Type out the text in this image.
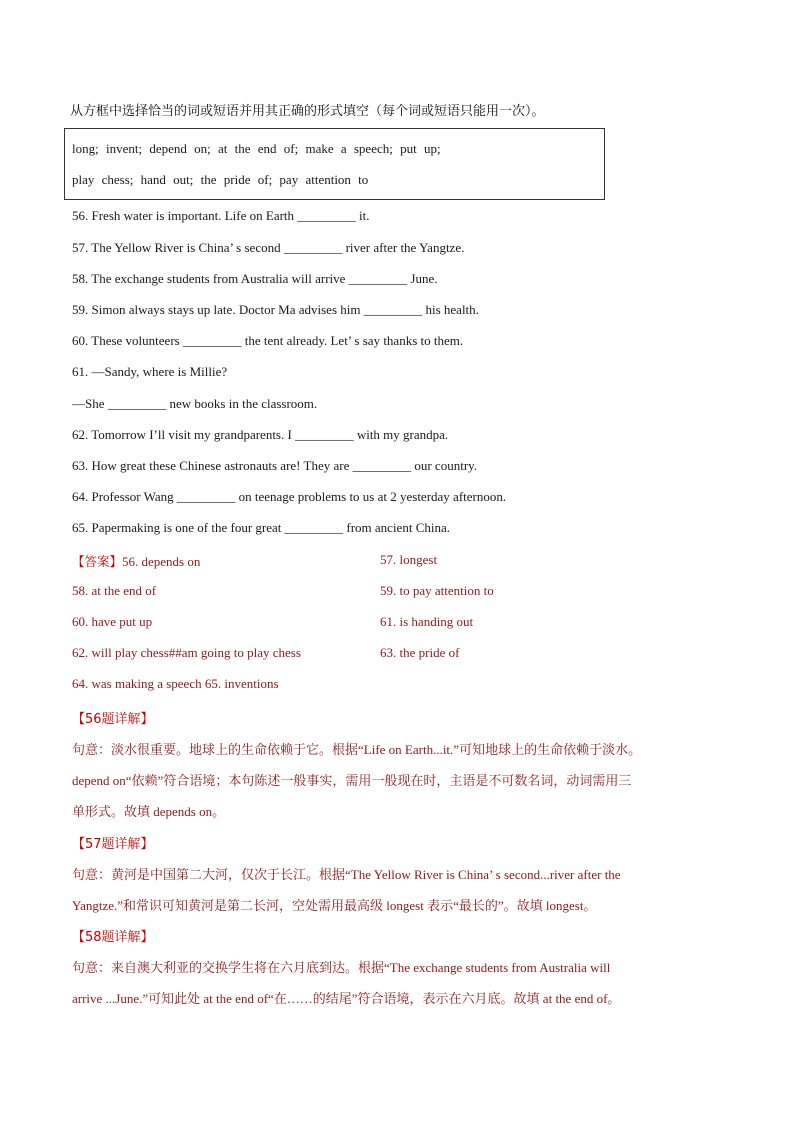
从方框中选择恰当的词或短语并用其正确的形式填空（每个词或短语只能用一次）。
long; invent; depend on; at the end of; make a speech; put up;
play chess; hand out; the pride of; pay attention to
56. Fresh water is important. Life on Earth _________ it.
57. The Yellow River is China’ s second _________ river after the Yangtze.
58. The exchange students from Australia will arrive _________ June.
59. Simon always stays up late. Doctor Ma advises him _________ his health.
60. These volunteers _________ the tent already. Let’ s say thanks to them.
61. —Sandy, where is Millie?
—She _________ new books in the classroom.
62. Tomorrow I’ll visit my grandparents. I _________ with my grandpa.
63. How great these Chinese astronauts are! They are _________ our country.
64. Professor Wang _________ on teenage problems to us at 2 yesterday afternoon.
65. Papermaking is one of the four great _________ from ancient China.
【答案】56. depends on	57. longest
58. at the end of	59. to pay attention to
60. have put up	61. is handing out
62. will play chess##am going to play chess	63. the pride of
64. was making a speech 65. inventions
【56题详解】
句意：淡水很重要。地球上的生命依赖于它。根据“Life on Earth...it.”可知地球上的生命依赖于淡水。
depend on“依赖”符合语境；本句陈述一般事实，需用一般现在时，主语是不可数名词，动词需用三
单形式。故填 depends on。
【57题详解】
句意：黄河是中国第二大河，仅次于长江。根据“The Yellow River is China’ s second...river after the
Yangtze.”和常识可知黄河是第二长河，空处需用最高级 longest 表示“最长的”。故填 longest。
【58题详解】
句意：来自澳大利亚的交换学生将在六月底到达。根据“The exchange students from Australia will
arrive ...June.”可知此处 at the end of“在……的结尾”符合语境，表示在六月底。故填 at the end of。
